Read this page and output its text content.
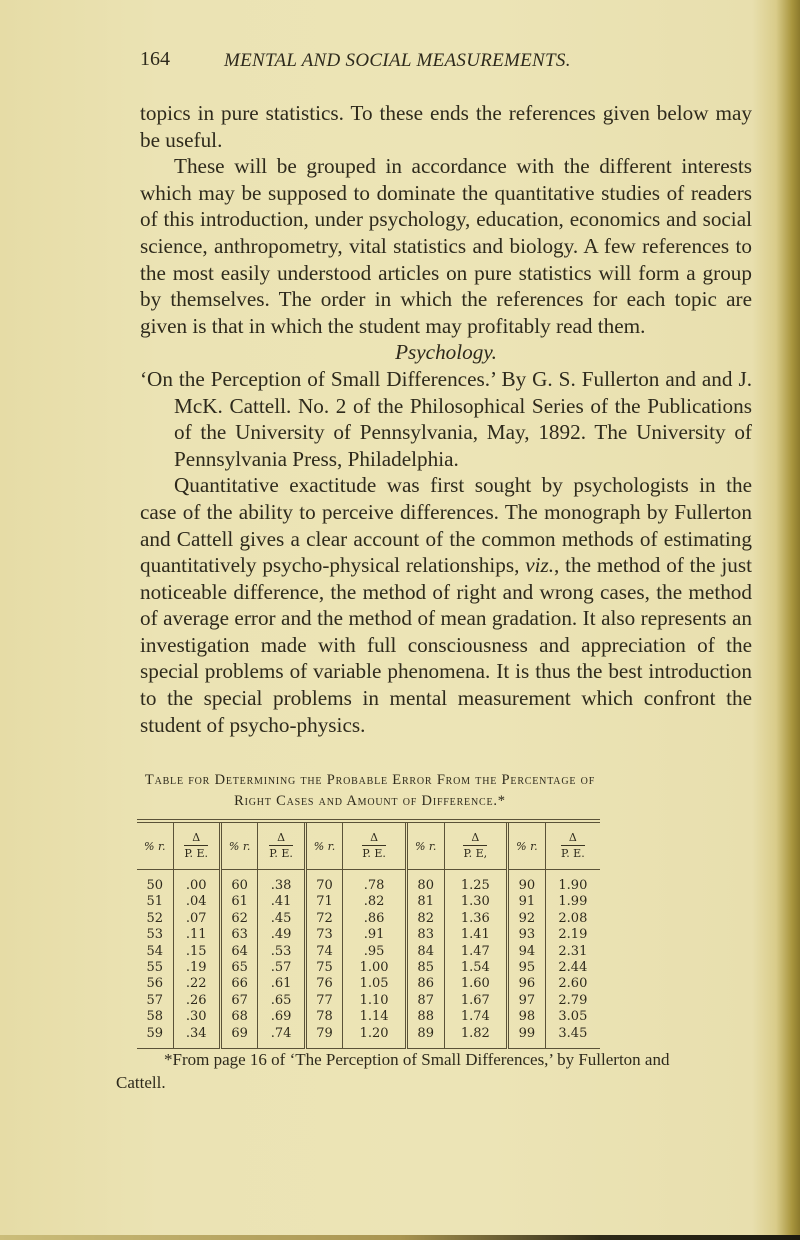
164	MENTAL AND SOCIAL MEASUREMENTS.

topics in pure statistics. To these ends the references given below may be useful.

These will be grouped in accordance with the different interests which may be supposed to dominate the quantitative studies of readers of this introduction, under psychology, education, economics and social science, anthropometry, vital statistics and biology. A few references to the most easily understood articles on pure statistics will form a group by themselves. The order in which the references for each topic are given is that in which the student may profitably read them.

Psychology.

‘On the Perception of Small Differences.’ By G. S. Fullerton and and J. McK. Cattell. No. 2 of the Philosophical Series of the Publications of the University of Pennsylvania, May, 1892. The University of Pennsylvania Press, Philadelphia.

Quantitative exactitude was first sought by psychologists in the case of the ability to perceive differences. The monograph by Fullerton and Cattell gives a clear account of the common methods of estimating quantitatively psycho-physical relationships, viz., the method of the just noticeable difference, the method of right and wrong cases, the method of average error and the method of mean gradation. It also represents an investigation made with full consciousness and appreciation of the special problems of variable phenomena. It is thus the best introduction to the special problems in mental measurement which confront the student of psycho-physics.

Table for Determining the Probable Error From the Percentage of
Right Cases and Amount of Difference.*
% r.	$\frac{\Delta}{P. E.}$	% r.	$\frac{\Delta}{P. E.}$	% r.	$\frac{\Delta}{P. E.}$	% r.	$\frac{\Delta}{P. E,}$	% r.	$\frac{\Delta}{P. E.}$

50	.00	60	.38	70	.78	80	1.25	90	1.90
51	.04	61	.41	71	.82	81	1.30	91	1.99
52	.07	62	.45	72	.86	82	1.36	92	2.08
53	.11	63	.49	73	.91	83	1.41	93	2.19
54	.15	64	.53	74	.95	84	1.47	94	2.31
55	.19	65	.57	75	1.00	85	1.54	95	2.44
56	.22	66	.61	76	1.05	86	1.60	96	2.60
57	.26	67	.65	77	1.10	87	1.67	97	2.79
58	.30	68	.69	78	1.14	88	1.74	98	3.05
59	.34	69	.74	79	1.20	89	1.82	99	3.45

*From page 16 of ‘The Perception of Small Differences,’ by Fullerton and

Cattell.
